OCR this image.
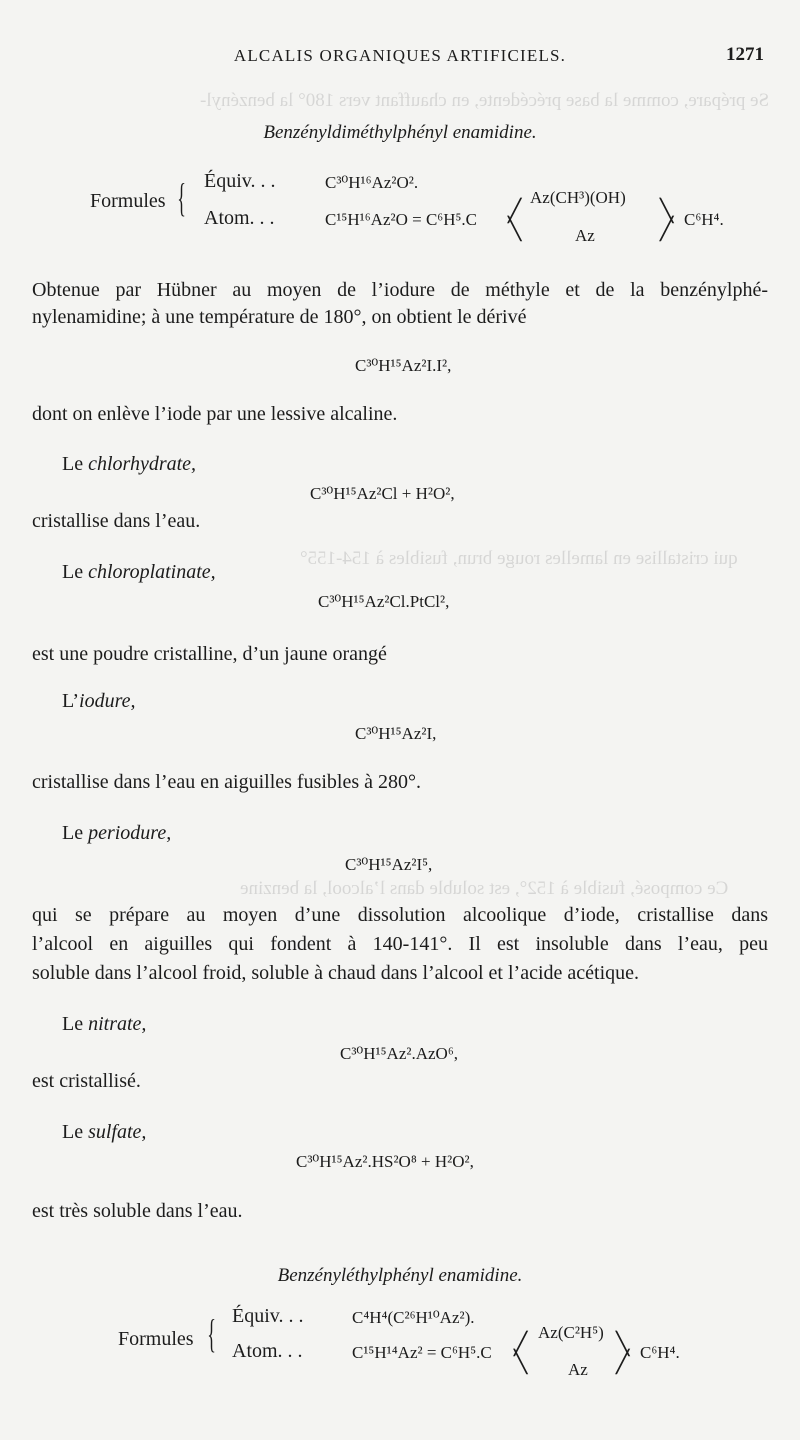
Se prépare, comme la base précédente, en chauffant vers 180° la benzényl-
qui cristallise en lamelles rouge brun, fusibles à 154-155°
Ce composé, fusible à 152°, est soluble dans l’alcool, la benzine
ALCALIS ORGANIQUES ARTIFICIELS.	1271
Benzényldiméthylphényl enamidine.
Formules { Équiv. . .	C³⁰H¹⁶Az²O².
Atom. . .	C¹⁵H¹⁶Az²O = C⁶H⁵.C ╱
╲
Az(CH³)(OH)
Az
╲
╱ C⁶H⁴.
Obtenue par Hübner au moyen de l’iodure de méthyle et de la benzénylphé-
nylenamidine; à une température de 180°, on obtient le dérivé
C³⁰H¹⁵Az²I.I²,
dont on enlève l’iode par une lessive alcaline.
Le chlorhydrate,
C³⁰H¹⁵Az²Cl + H²O²,
cristallise dans l’eau.
Le chloroplatinate,
C³⁰H¹⁵Az²Cl.PtCl²,
est une poudre cristalline, d’un jaune orangé
L’iodure,
C³⁰H¹⁵Az²I,
cristallise dans l’eau en aiguilles fusibles à 280°.
Le periodure,
C³⁰H¹⁵Az²I⁵,
qui se prépare au moyen d’une dissolution alcoolique d’iode, cristallise dans
l’alcool en aiguilles qui fondent à 140-141°. Il est insoluble dans l’eau, peu
soluble dans l’alcool froid, soluble à chaud dans l’alcool et l’acide acétique.
Le nitrate,
C³⁰H¹⁵Az².AzO⁶,
est cristallisé.
Le sulfate,
C³⁰H¹⁵Az².HS²O⁸ + H²O²,
est très soluble dans l’eau.
Benzényléthylphényl enamidine.
Formules { Équiv. . .	C⁴H⁴(C²⁶H¹⁰Az²).
Atom. . .	C¹⁵H¹⁴Az² = C⁶H⁵.C ╱
╲
Az(C²H⁵)
Az
╲
╱ C⁶H⁴.
